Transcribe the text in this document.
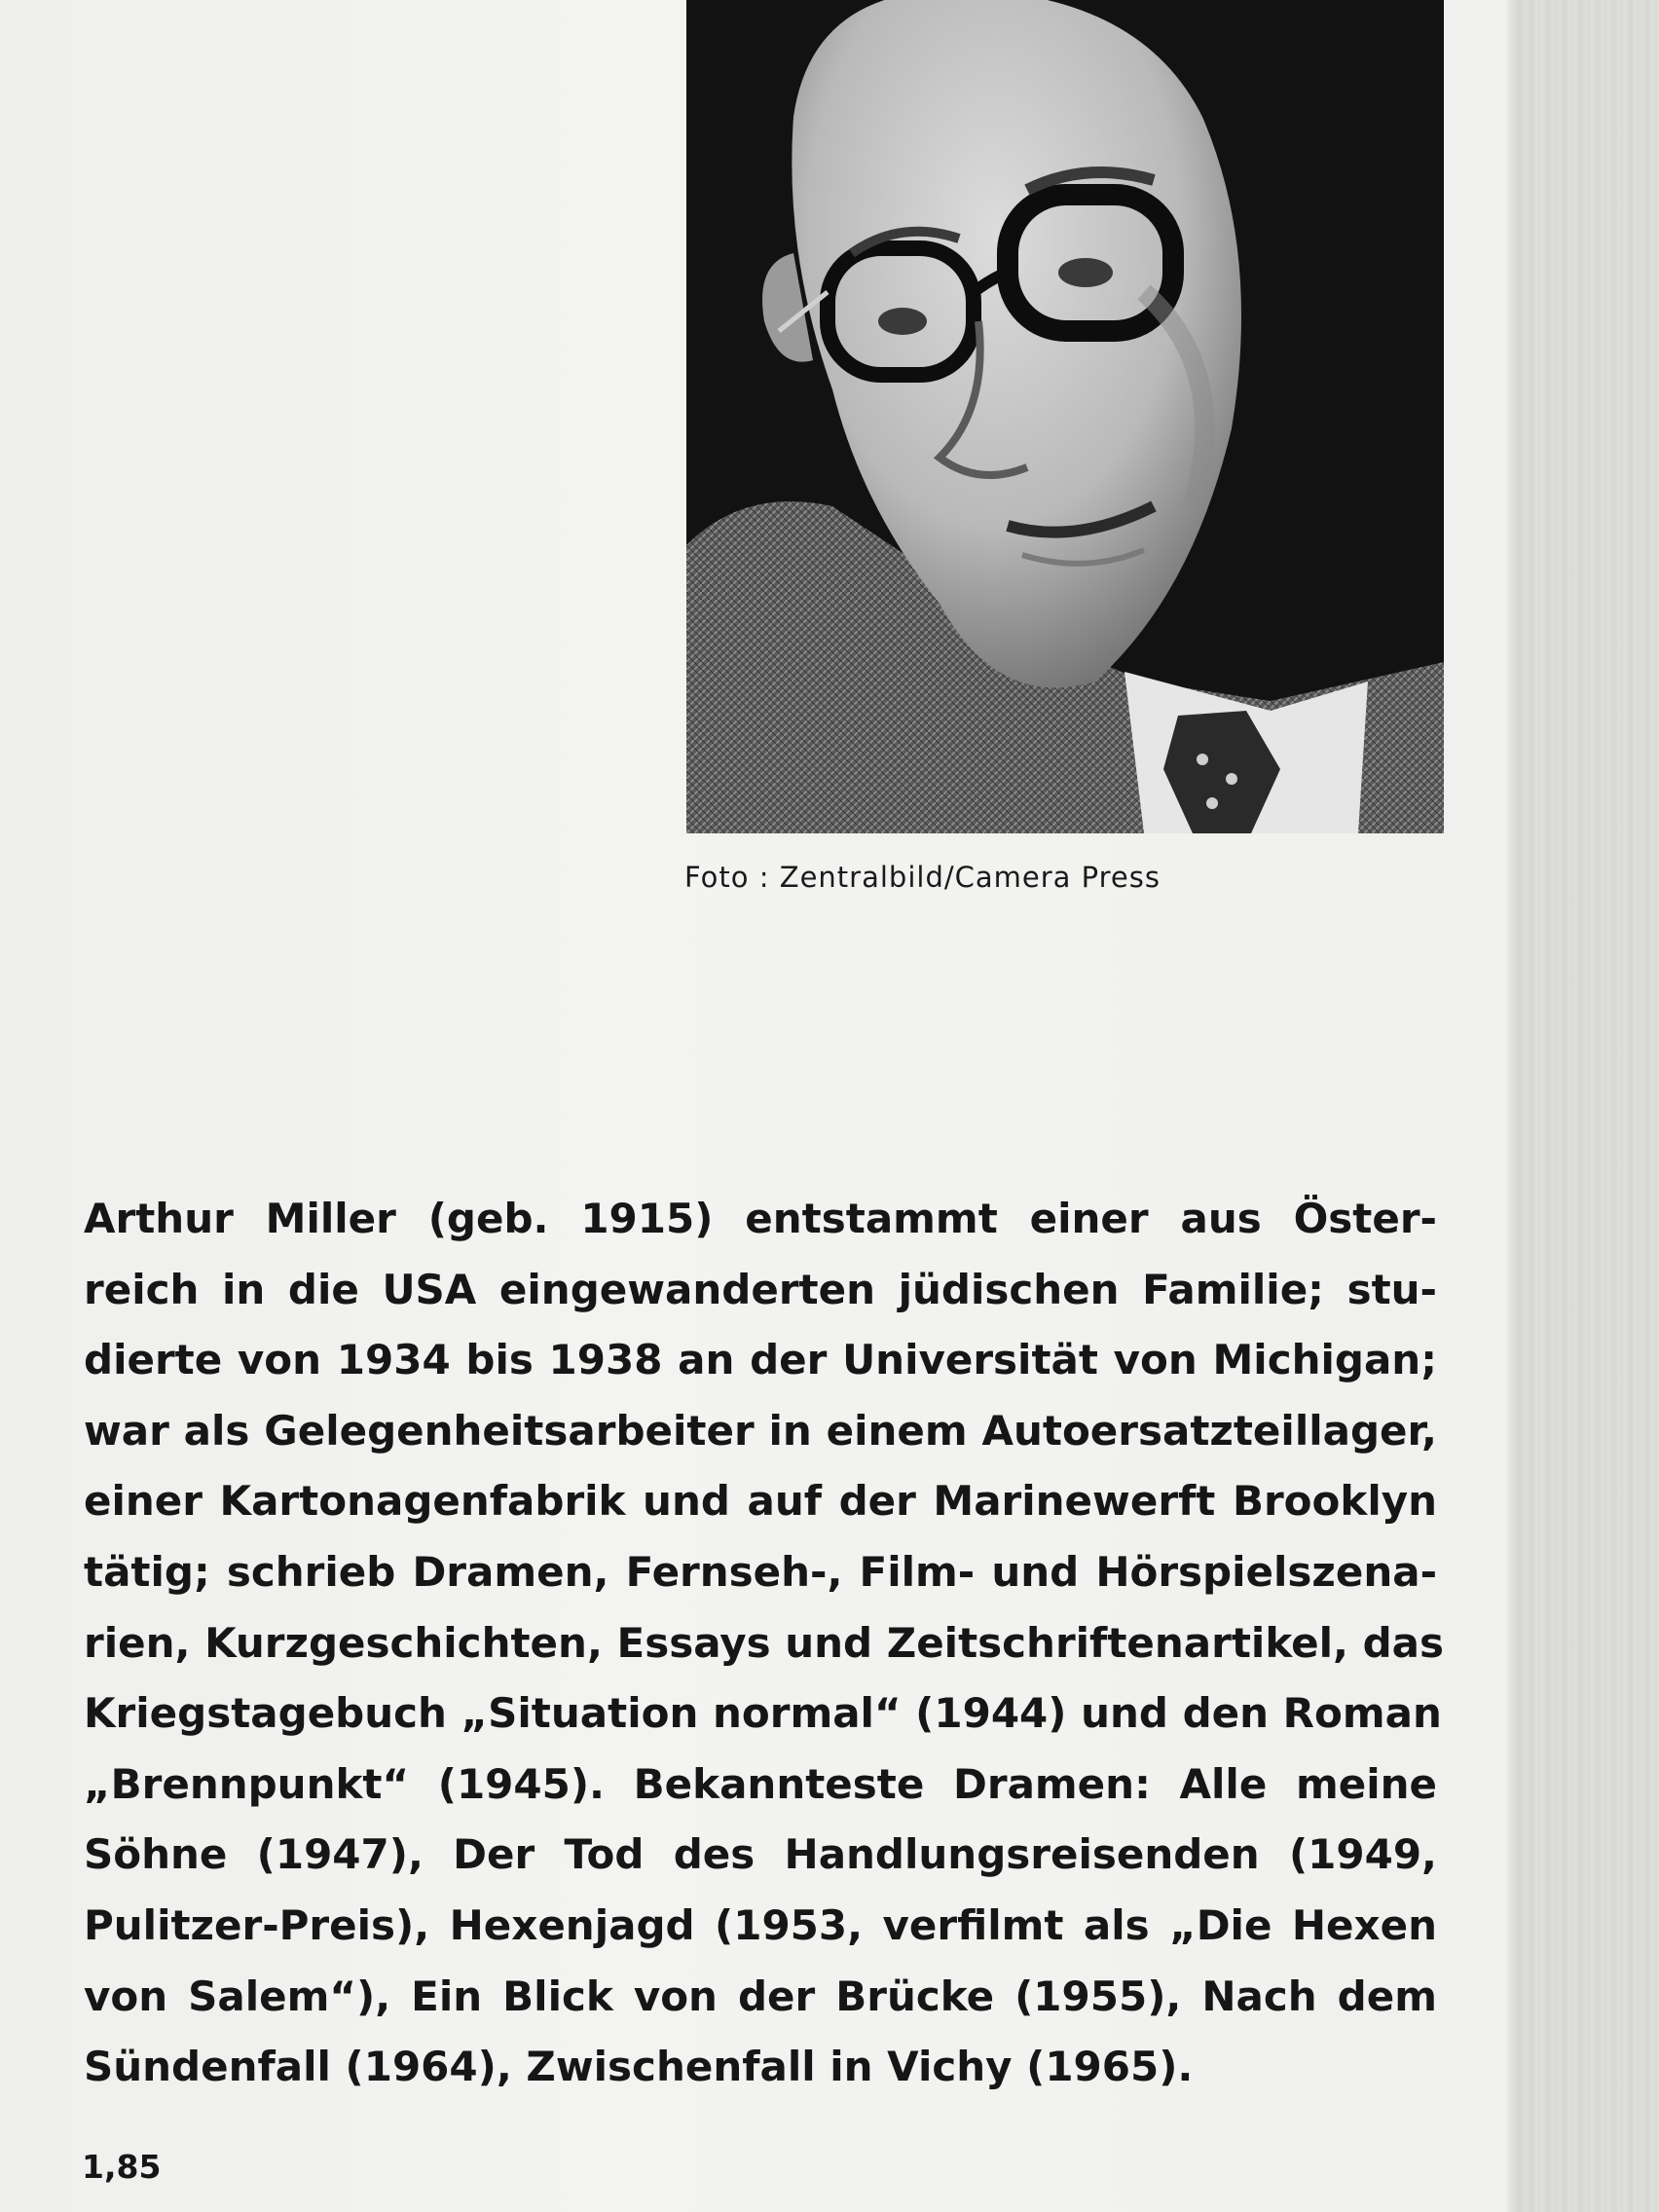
Foto : Zentralbild/Camera Press
Arthur Miller (geb. 1915) entstammt einer aus Öster-
reich in die USA eingewanderten jüdischen Familie; stu-
dierte von 1934 bis 1938 an der Universität von Michigan;
war als Gelegenheitsarbeiter in einem Autoersatzteillager,
einer Kartonagenfabrik und auf der Marinewerft Brooklyn
tätig; schrieb Dramen, Fernseh-, Film- und Hörspielszena-
rien, Kurzgeschichten, Essays und Zeitschriftenartikel, das
Kriegstagebuch „Situation normal“ (1944) und den Roman
„Brennpunkt“ (1945). Bekannteste Dramen: Alle meine
Söhne (1947), Der Tod des Handlungsreisenden (1949,
Pulitzer-Preis), Hexenjagd (1953, verfilmt als „Die Hexen
von Salem“), Ein Blick von der Brücke (1955), Nach dem
Sündenfall (1964), Zwischenfall in Vichy (1965).
1,85
